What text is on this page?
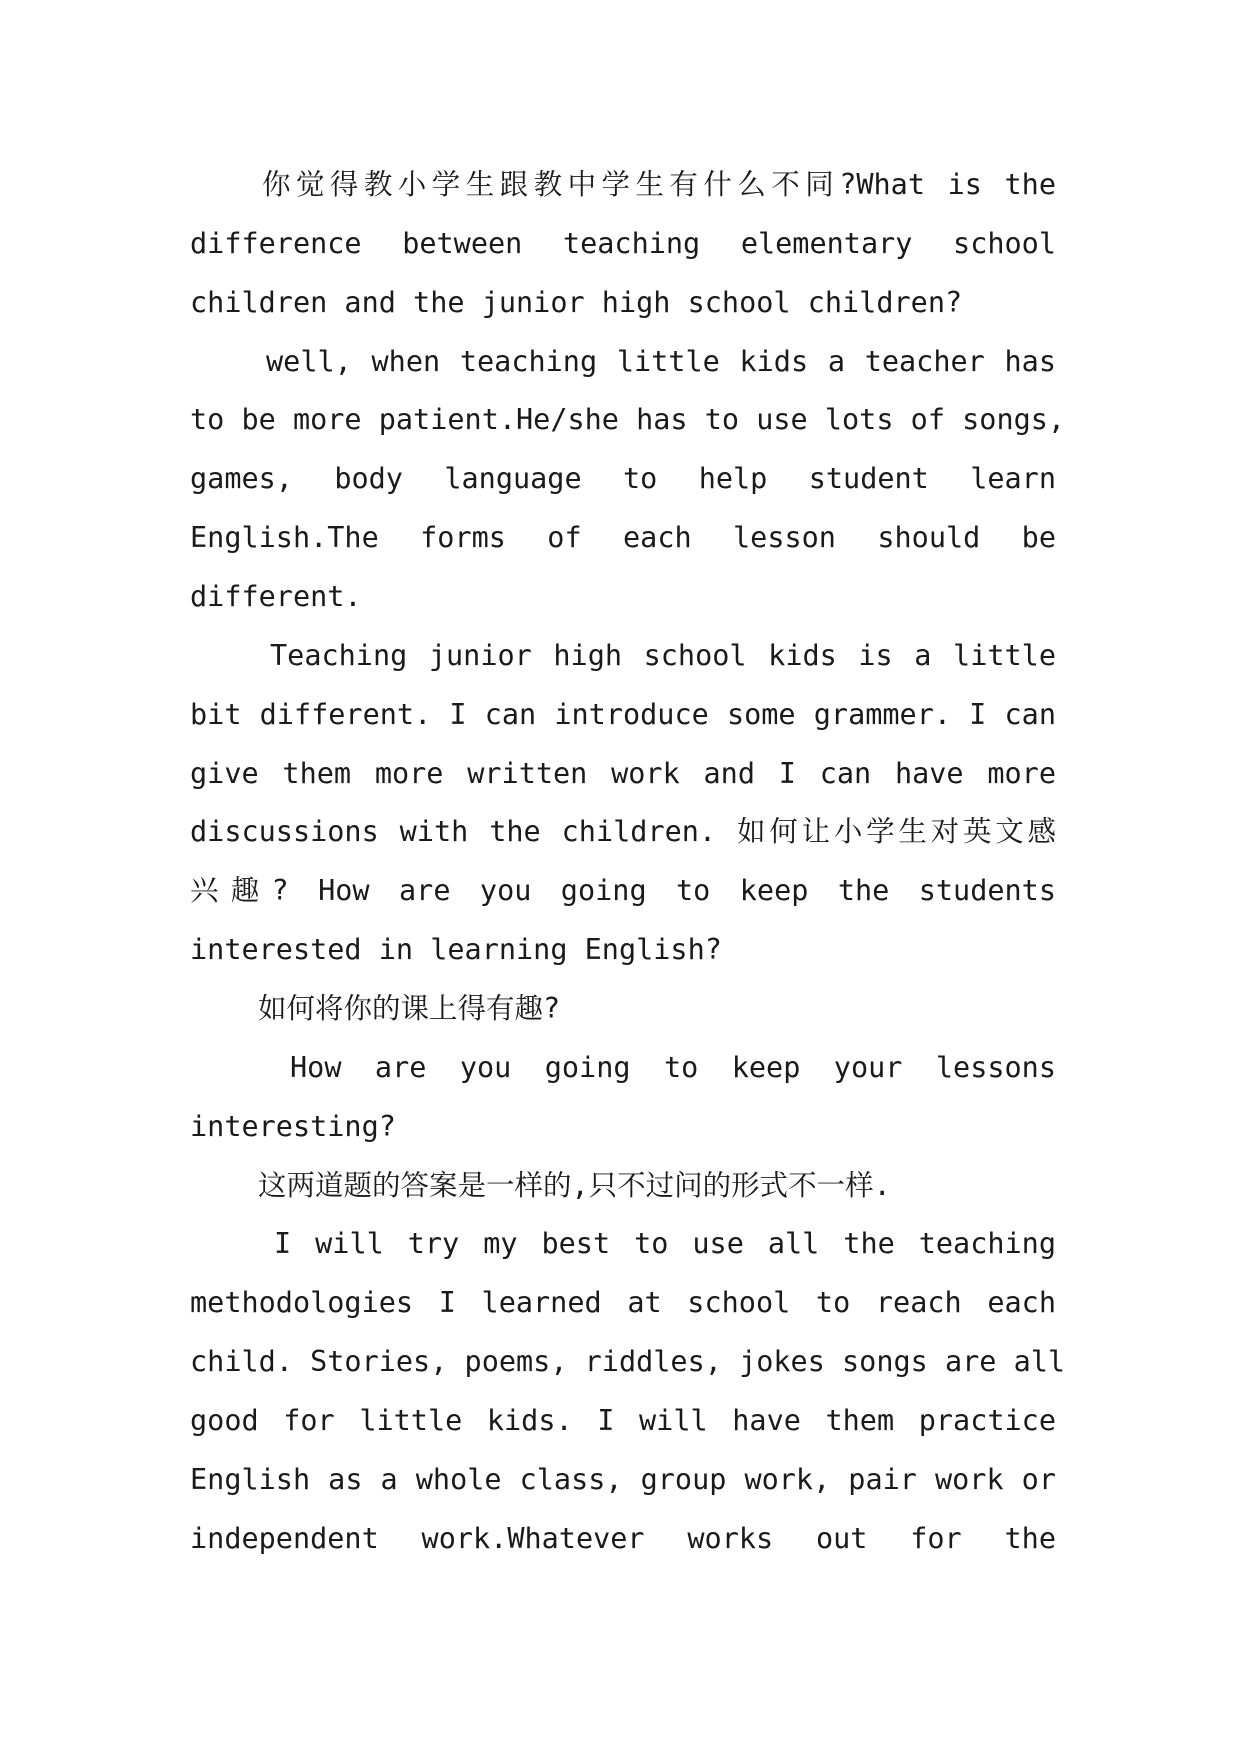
你觉得教小学生跟教中学生有什么不同?What is the
difference between teaching elementary school
children and the junior high school children?
well, when teaching little kids a teacher has
to be more patient.He/she has to use lots of songs,
games, body language to help student learn
English.The forms of each lesson should be
different.
Teaching junior high school kids is a little
bit different. I can introduce some grammer. I can
give them more written work and I can have more
discussions with the children. 如何让小学生对英文感
兴趣? How are you going to keep the students
interested in learning English?
如何将你的课上得有趣?
How are you going to keep your lessons
interesting?
这两道题的答案是一样的,只不过问的形式不一样.
I will try my best to use all the teaching
methodologies I learned at school to reach each
child. Stories, poems, riddles, jokes songs are all
good for little kids. I will have them practice
English as a whole class, group work, pair work or
independent work.Whatever works out for the
